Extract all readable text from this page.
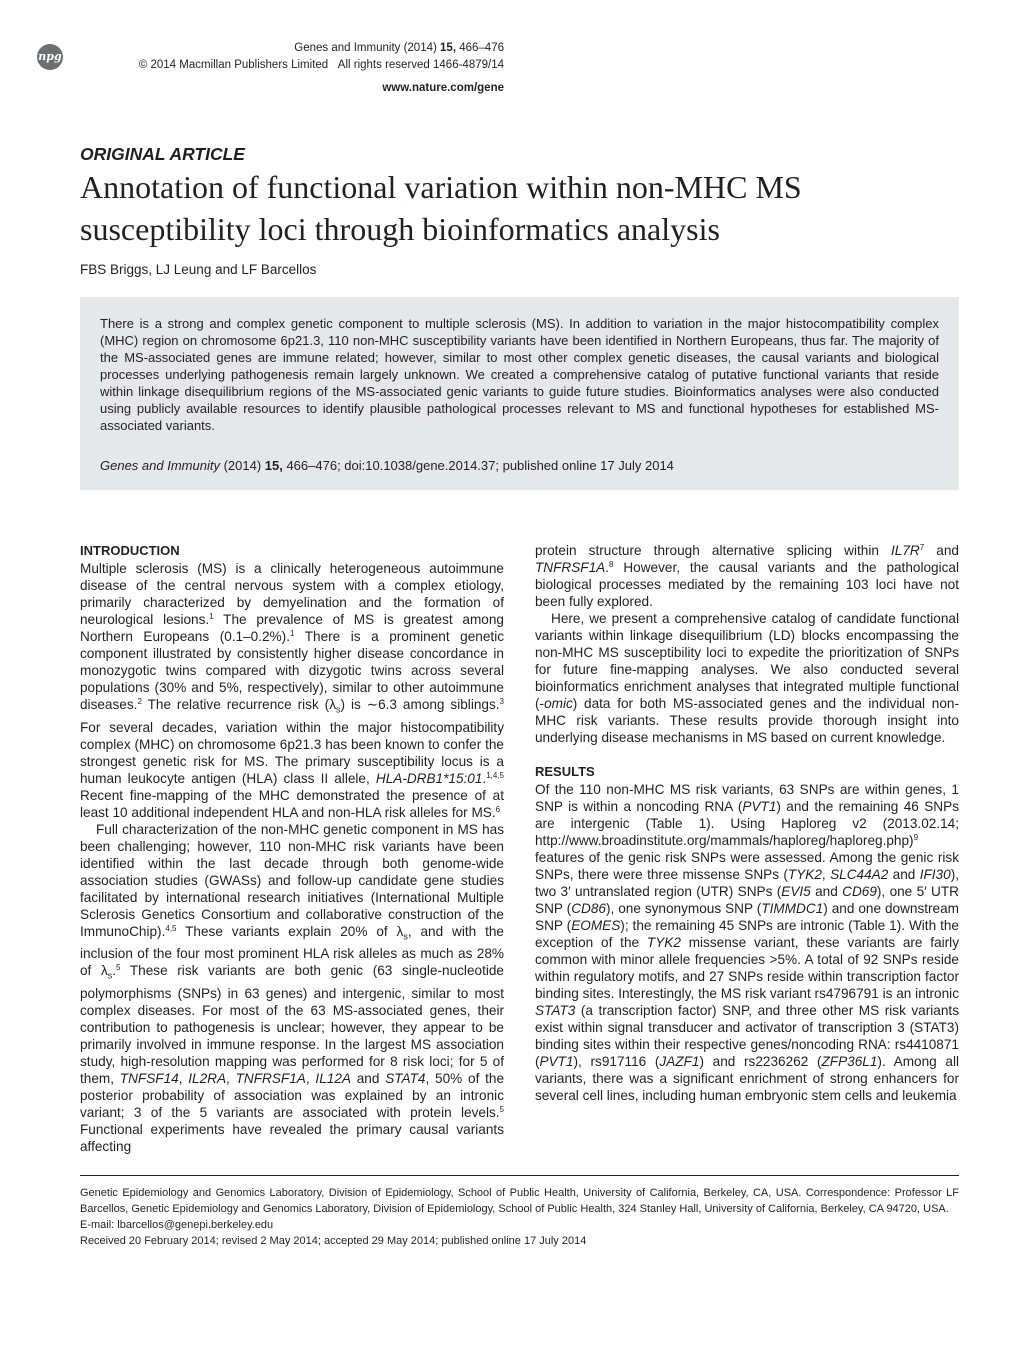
npg
Genes and Immunity (2014) 15, 466–476
© 2014 Macmillan Publishers Limited All rights reserved 1466-4879/14
www.nature.com/gene
ORIGINAL ARTICLE
Annotation of functional variation within non-MHC MS
susceptibility loci through bioinformatics analysis
FBS Briggs, LJ Leung and LF Barcellos

There is a strong and complex genetic component to multiple sclerosis (MS). In addition to variation in the major histocompatibility complex (MHC) region on chromosome 6p21.3, 110 non-MHC susceptibility variants have been identified in Northern Europeans, thus far. The majority of the MS-associated genes are immune related; however, similar to most other complex genetic diseases, the causal variants and biological processes underlying pathogenesis remain largely unknown. We created a comprehensive catalog of putative functional variants that reside within linkage disequilibrium regions of the MS-associated genic variants to guide future studies. Bioinformatics analyses were also conducted using publicly available resources to identify plausible pathological processes relevant to MS and functional hypotheses for established MS-associated variants.

Genes and Immunity (2014) 15, 466–476; doi:10.1038/gene.2014.37; published online 17 July 2014
INTRODUCTION

Multiple sclerosis (MS) is a clinically heterogeneous autoimmune disease of the central nervous system with a complex etiology, primarily characterized by demyelination and the formation of neurological lesions.$^1$ The prevalence of MS is greatest among Northern Europeans (0.1–0.2%).$^1$ There is a prominent genetic component illustrated by consistently higher disease concordance in monozygotic twins compared with dizygotic twins across several populations (30% and 5%, respectively), similar to other autoimmune diseases.$^2$ The relative recurrence risk $(\lambda_s)$ is ∼6.3 among siblings.$^3$ For several decades, variation within the major histocompatibility complex (MHC) on chromosome 6p21.3 has been known to confer the strongest genetic risk for MS. The primary susceptibility locus is a human leukocyte antigen (HLA) class II allele, HLA-DRB1*15:01.$^{1,4,5}$ Recent fine-mapping of the MHC demonstrated the presence of at least 10 additional independent HLA and non-HLA risk alleles for MS.$^6$

Full characterization of the non-MHC genetic component in MS has been challenging; however, 110 non-MHC risk variants have been identified within the last decade through both genome-wide association studies (GWASs) and follow-up candidate gene studies facilitated by international research initiatives (International Multiple Sclerosis Genetics Consortium and collaborative construction of the ImmunoChip).$^{4,5}$ These variants explain 20% of $\lambda_s$, and with the inclusion of the four most prominent HLA risk alleles as much as 28% of $\lambda_s.^5$ These risk variants are both genic (63 single-nucleotide polymorphisms (SNPs) in 63 genes) and intergenic, similar to most complex diseases. For most of the 63 MS-associated genes, their contribution to pathogenesis is unclear; however, they appear to be primarily involved in immune response. In the largest MS association study, high-resolution mapping was performed for 8 risk loci; for 5 of them, TNFSF14, IL2RA, TNFRSF1A, IL12A and STAT4, 50% of the posterior probability of association was explained by an intronic variant; 3 of the 5 variants are associated with protein levels.$^5$ Functional experiments have revealed the primary causal variants affecting

protein structure through alternative splicing within $IL7R^7$ and TNFRSF1A.$^8$ However, the causal variants and the pathological biological processes mediated by the remaining 103 loci have not been fully explored.

Here, we present a comprehensive catalog of candidate functional variants within linkage disequilibrium (LD) blocks encompassing the non-MHC MS susceptibility loci to expedite the prioritization of SNPs for future fine-mapping analyses. We also conducted several bioinformatics enrichment analyses that integrated multiple functional (-omic) data for both MS-associated genes and the individual non-MHC risk variants. These results provide thorough insight into underlying disease mechanisms in MS based on current knowledge.

RESULTS

Of the 110 non-MHC MS risk variants, 63 SNPs are within genes, 1 SNP is within a noncoding RNA (PVT1) and the remaining 46 SNPs are intergenic (Table 1). Using Haploreg v2 (2013.02.14; http://www.broadinstitute.org/mammals/haploreg/haploreg.php)$^9$ features of the genic risk SNPs were assessed. Among the genic risk SNPs, there were three missense SNPs (TYK2, SLC44A2 and IFI30), two 3′ untranslated region (UTR) SNPs (EVI5 and CD69), one 5′ UTR SNP (CD86), one synonymous SNP (TIMMDC1) and one downstream SNP (EOMES); the remaining 45 SNPs are intronic (Table 1). With the exception of the TYK2 missense variant, these variants are fairly common with minor allele frequencies >5%. A total of 92 SNPs reside within regulatory motifs, and 27 SNPs reside within transcription factor binding sites. Interestingly, the MS risk variant rs4796791 is an intronic STAT3 (a transcription factor) SNP, and three other MS risk variants exist within signal transducer and activator of transcription 3 (STAT3) binding sites within their respective genes/noncoding RNA: rs4410871 (PVT1), rs917116 (JAZF1) and rs2236262 (ZFP36L1). Among all variants, there was a significant enrichment of strong enhancers for several cell lines, including human embryonic stem cells and leukemia

Genetic Epidemiology and Genomics Laboratory, Division of Epidemiology, School of Public Health, University of California, Berkeley, CA, USA. Correspondence: Professor LF Barcellos, Genetic Epidemiology and Genomics Laboratory, Division of Epidemiology, School of Public Health, 324 Stanley Hall, University of California, Berkeley, CA 94720, USA.

E-mail: lbarcellos@genepi.berkeley.edu

Received 20 February 2014; revised 2 May 2014; accepted 29 May 2014; published online 17 July 2014
